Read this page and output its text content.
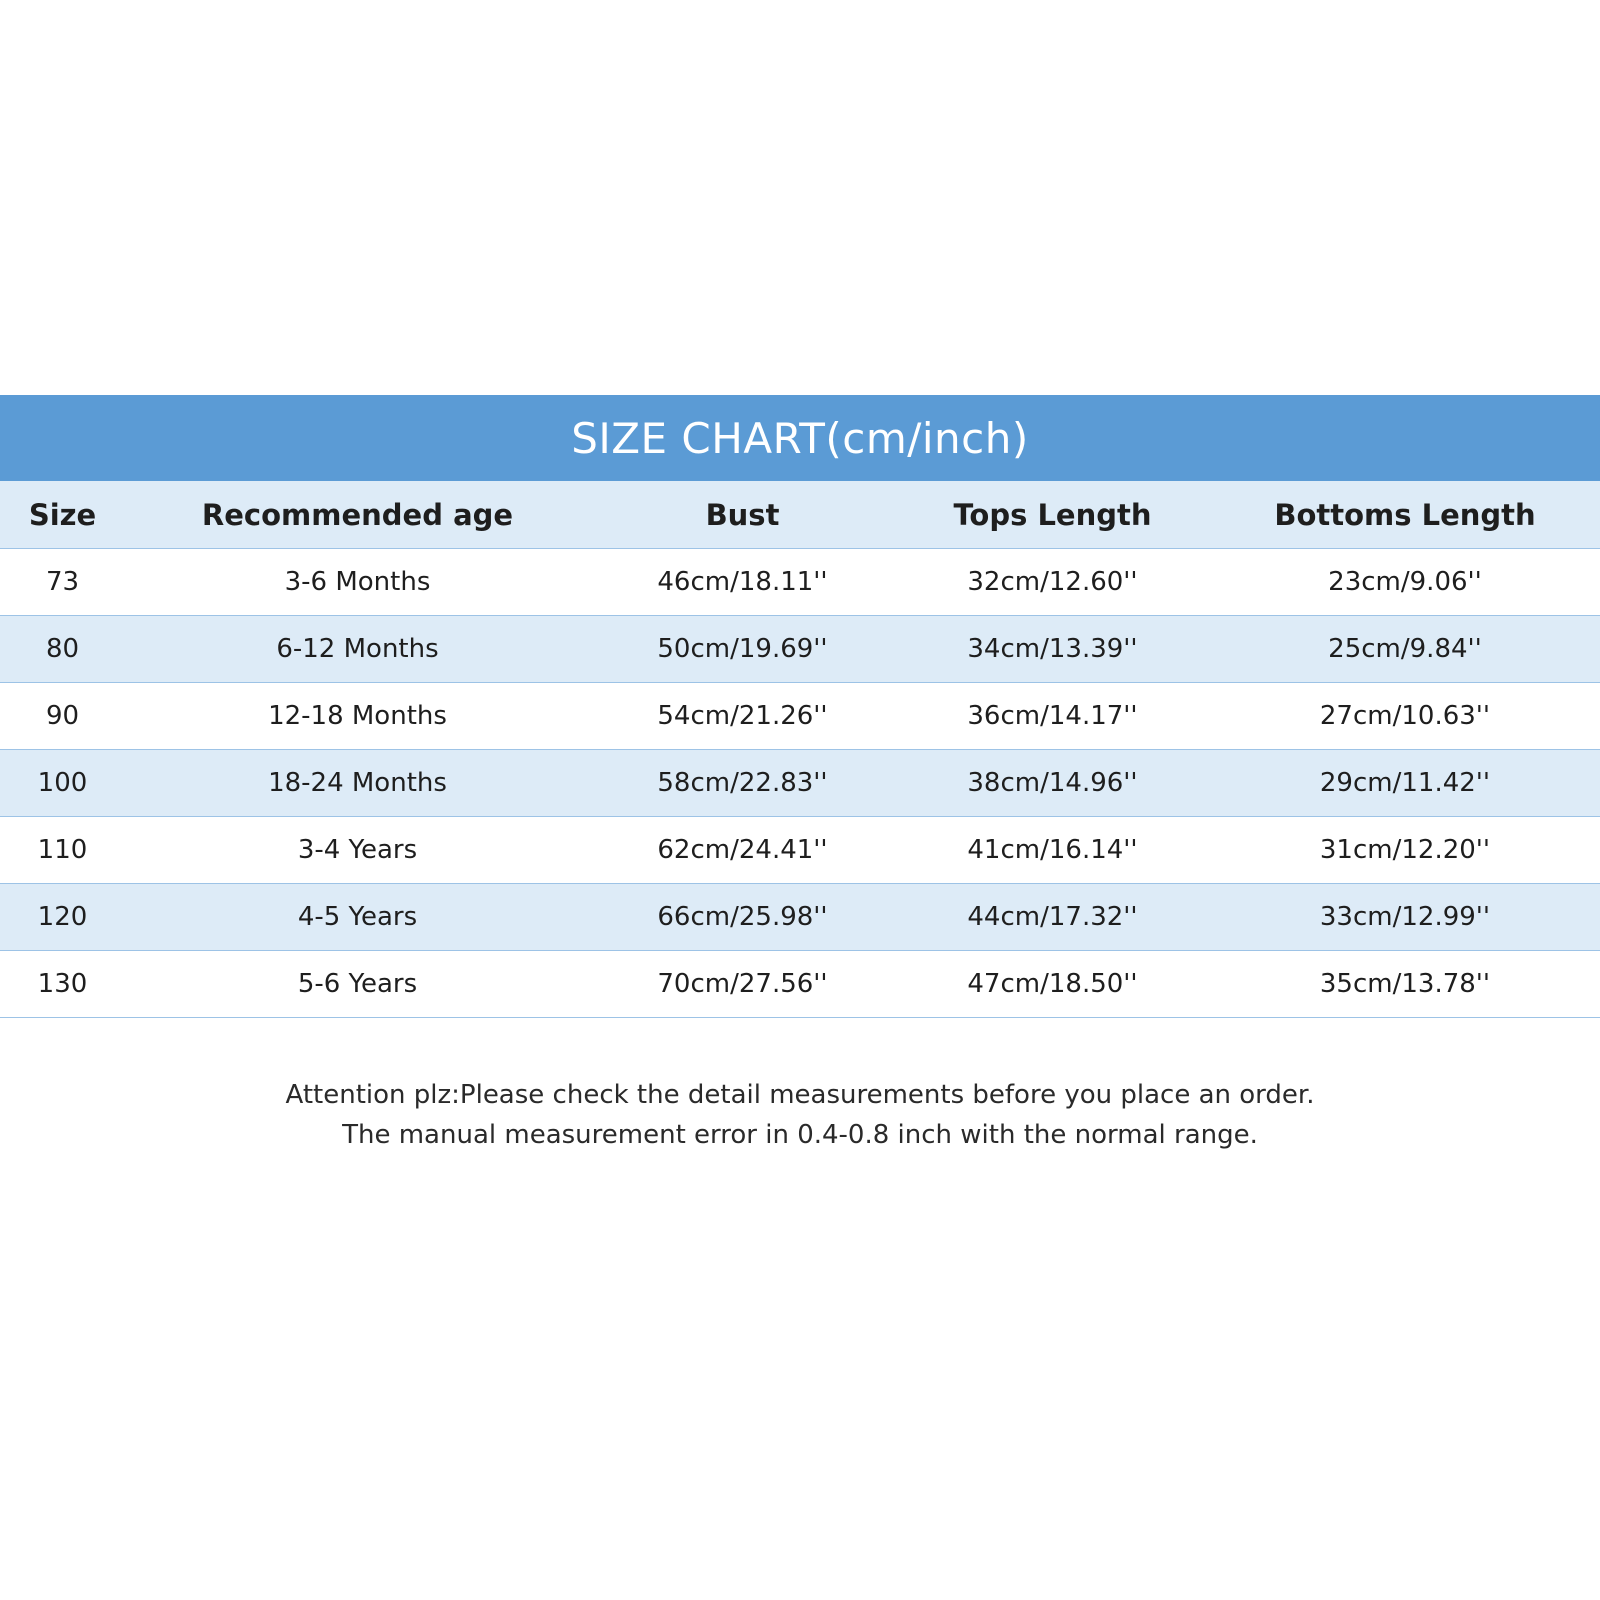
SIZE CHART(cm/inch)
Size	Recommended age	Bust	Tops Length	Bottoms Length
73	3-6 Months	46cm/18.11''	32cm/12.60''	23cm/9.06''
80	6-12 Months	50cm/19.69''	34cm/13.39''	25cm/9.84''
90	12-18 Months	54cm/21.26''	36cm/14.17''	27cm/10.63''
100	18-24 Months	58cm/22.83''	38cm/14.96''	29cm/11.42''
110	3-4 Years	62cm/24.41''	41cm/16.14''	31cm/12.20''
120	4-5 Years	66cm/25.98''	44cm/17.32''	33cm/12.99''
130	5-6 Years	70cm/27.56''	47cm/18.50''	35cm/13.78''
Attention plz:Please check the detail measurements before you place an order.
The manual measurement error in 0.4-0.8 inch with the normal range.
